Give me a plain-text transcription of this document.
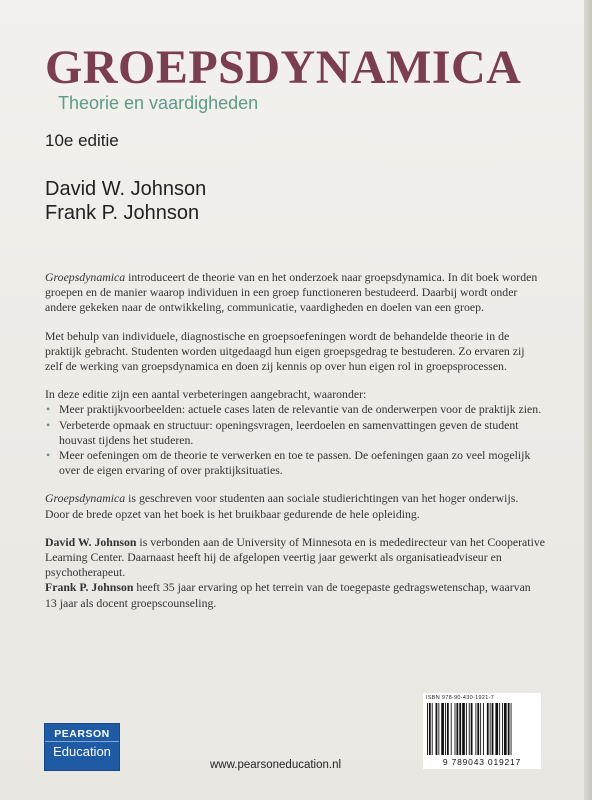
GROEPSDYNAMICA
Theorie en vaardigheden
10e editie
David W. Johnson
Frank P. Johnson

Groepsdynamica introduceert de theorie van en het onderzoek naar groepsdynamica. In dit boek worden groepen en de manier waarop individuen in een groep functioneren bestudeerd. Daarbij wordt onder andere gekeken naar de ontwikkeling, communicatie, vaardigheden en doelen van een groep.

Met behulp van individuele, diagnostische en groepsoefeningen wordt de behandelde theorie in de praktijk gebracht. Studenten worden uitgedaagd hun eigen groepsgedrag te bestuderen. Zo ervaren zij zelf de werking van groepsdynamica en doen zij kennis op over hun eigen rol in groepsprocessen.

In deze editie zijn een aantal verbeteringen aangebracht, waaronder:
• Meer praktijkvoorbeelden: actuele cases laten de relevantie van de onderwerpen voor de praktijk zien.
• Verbeterde opmaak en structuur: openingsvragen, leerdoelen en samenvattingen geven de student houvast tijdens het studeren.
• Meer oefeningen om de theorie te verwerken en toe te passen. De oefeningen gaan zo veel mogelijk over de eigen ervaring of over praktijksituaties.

Groepsdynamica is geschreven voor studenten aan sociale studierichtingen van het hoger onderwijs. Door de brede opzet van het boek is het bruikbaar gedurende de hele opleiding.

David W. Johnson is verbonden aan de University of Minnesota en is mededirecteur van het Cooperative Learning Center. Daarnaast heeft hij de afgelopen veertig jaar gewerkt als organisatieadviseur en psychotherapeut.
Frank P. Johnson heeft 35 jaar ervaring op het terrein van de toegepaste gedragswetenschap, waarvan 13 jaar als docent groepscounseling.

PEARSON
Education
www.pearsoneducation.nl
ISBN 978-90-430-1921-7
9 789043 019217
